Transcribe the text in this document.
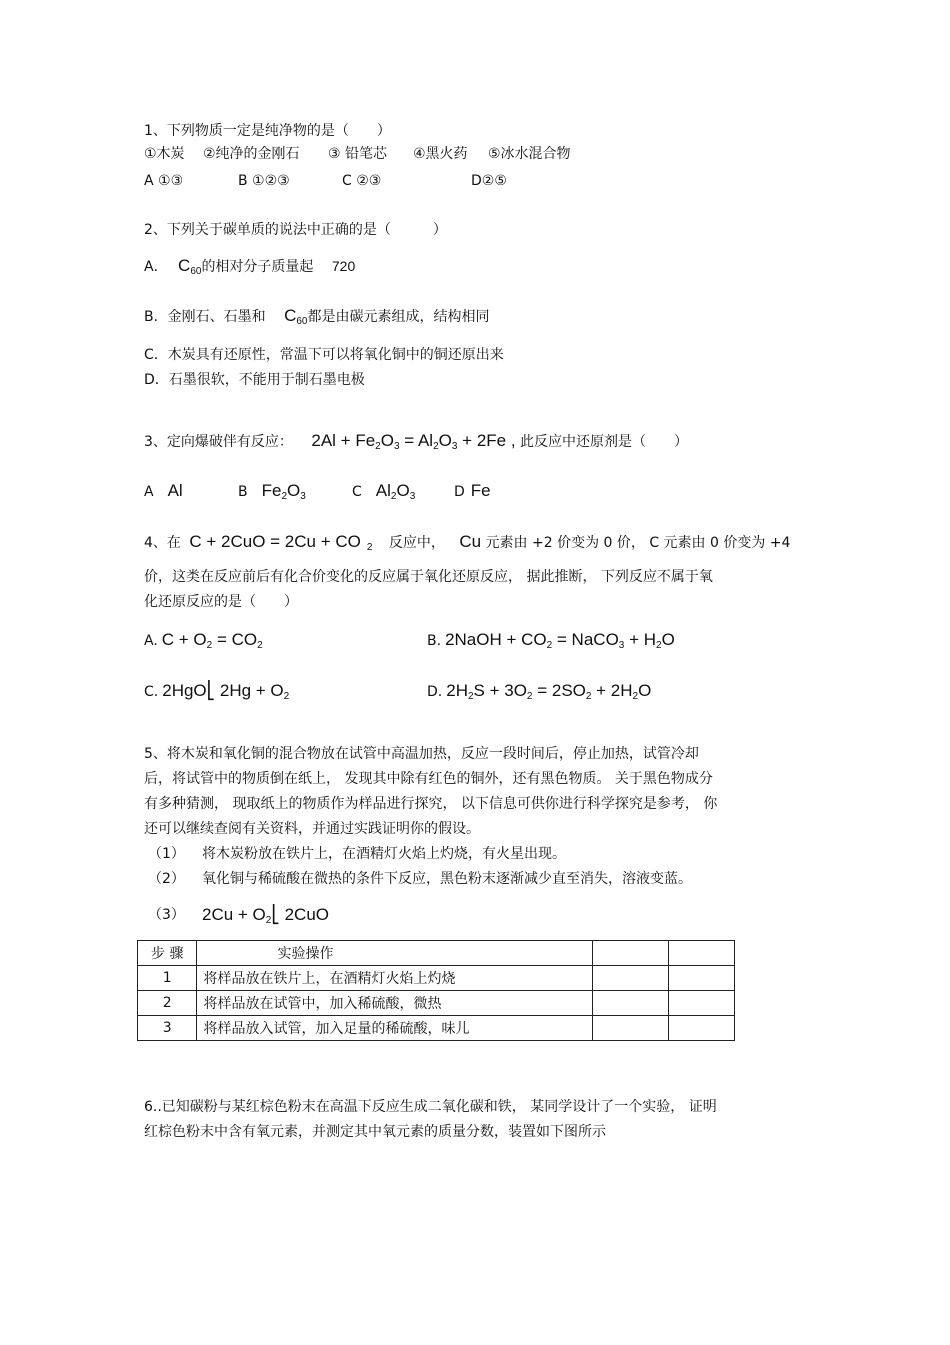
1、下列物质一定是纯净物的是（　　）
①木炭 ②纯净的金刚石 ③ 铅笔芯 ④黑火药 ⑤冰水混合物
A ①③	B ①②③	C ②③	D②⑤
2、下列关于碳单质的说法中正确的是（　　　）
A． $C_{60}$的相对分子质量起 720
B．金刚石、石墨和 $C_{60}$都是由碳元素组成，结构相同
C．木炭具有还原性，常温下可以将氧化铜中的铜还原出来
D．石墨很软，不能用于制石墨电极
3、定向爆破伴有反应： $2Al + Fe_2O_3 = Al_2O_3 + 2Fe$ , 此反应中还原剂是（　　）
A Al	B $Fe_2O_3$	C $Al_2O_3$	D Fe
4、在 C + 2CuO = 2Cu + CO $_2$ 反应中， Cu 元素由 +2 价变为 0 价， C 元素由 0 价变为 +4
价，这类在反应前后有化合价变化的反应属于氧化还原反应， 据此推断， 下列反应不属于氧
化还原反应的是（　　）
A. $C + O_2 = CO_2$	B. 2NaOH + $CO_2$ = NaCO$_3$ + $H_2O$
C. 2HgO⎣ $2Hg + O_2$	D. $2H_2S + 3O_2 = 2SO_2 + 2H_2O$
5、将木炭和氧化铜的混合物放在试管中高温加热，反应一段时间后，停止加热，试管冷却
后，将试管中的物质倒在纸上， 发现其中除有红色的铜外，还有黑色物质。 关于黑色物成分
有多种猜测， 现取纸上的物质作为样品进行探究， 以下信息可供你进行科学探究是参考， 你
还可以继续查阅有关资料，并通过实践证明你的假设。
（1） 将木炭粉放在铁片上，在酒精灯火焰上灼烧，有火星出现。
（2） 氧化铜与稀硫酸在微热的条件下反应，黑色粉末逐渐减少直至消失，溶液变蓝。
（3） $2Cu + O_2⎣$ 2CuO
步 骤	实验操作		
1	将样品放在铁片上，在酒精灯火焰上灼烧		
2	将样品放在试管中，加入稀硫酸，微热		
3	将样品放入试管，加入足量的稀硫酸，味儿		
6..已知碳粉与某红棕色粉末在高温下反应生成二氧化碳和铁， 某同学设计了一个实验， 证明
红棕色粉末中含有氧元素，并测定其中氧元素的质量分数，装置如下图所示
